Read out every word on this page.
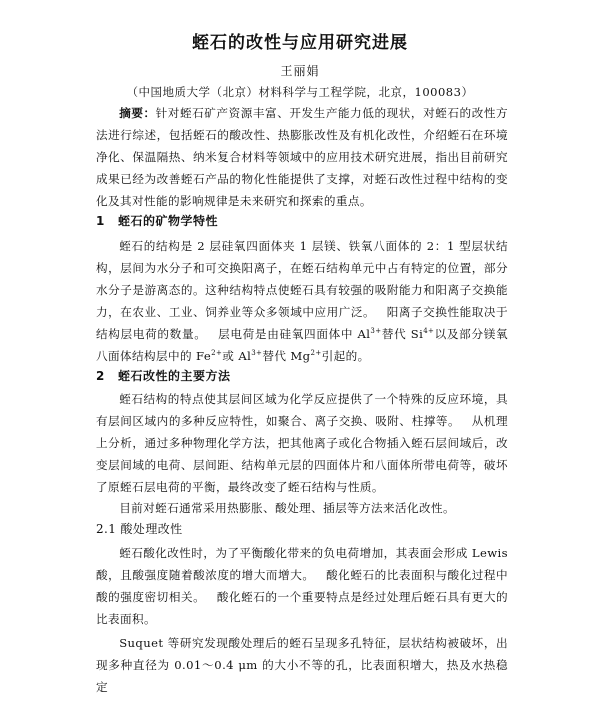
蛭石的改性与应用研究进展
王丽娟
（中国地质大学（北京）材料科学与工程学院，北京，100083）
摘要：针对蛭石矿产资源丰富、开发生产能力低的现状，对蛭石的改性方法进行综述，包括蛭石的酸改性、热膨胀改性及有机化改性，介绍蛭石在环境净化、保温隔热、纳米复合材料等领域中的应用技术研究进展，指出目前研究成果已经为改善蛭石产品的物化性能提供了支撑，对蛭石改性过程中结构的变化及其对性能的影响规律是未来研究和探索的重点。
1 蛭石的矿物学特性
蛭石的结构是 2 层硅氧四面体夹 1 层镁、铁氧八面体的 2：1 型层状结构，层间为水分子和可交换阳离子，在蛭石结构单元中占有特定的位置，部分水分子是游离态的。这种结构特点使蛭石具有较强的吸附能力和阳离子交换能力，在农业、工业、饲养业等众多领域中应用广泛。 阳离子交换性能取决于结构层电荷的数量。 层电荷是由硅氧四面体中 $Al^{3+}$替代 $Si^{4+}$以及部分镁氧八面体结构层中的 $Fe^{2+}$或 $Al^{3+}$替代 $Mg^{2+}$引起的。
2 蛭石改性的主要方法
蛭石结构的特点使其层间区域为化学反应提供了一个特殊的反应环境，具有层间区域内的多种反应特性，如聚合、离子交换、吸附、柱撑等。 从机理上分析，通过多种物理化学方法，把其他离子或化合物插入蛭石层间域后，改变层间域的电荷、层间距、结构单元层的四面体片和八面体所带电荷等，破坏了原蛭石层电荷的平衡，最终改变了蛭石结构与性质。
目前对蛭石通常采用热膨胀、酸处理、插层等方法来活化改性。
2.1 酸处理改性
蛭石酸化改性时，为了平衡酸化带来的负电荷增加，其表面会形成 Lewis 酸，且酸强度随着酸浓度的增大而增大。 酸化蛭石的比表面积与酸化过程中酸的强度密切相关。 酸化蛭石的一个重要特点是经过处理后蛭石具有更大的比表面积。
Suquet 等研究发现酸处理后的蛭石呈现多孔特征，层状结构被破坏，出现多种直径为 0.01～0.4 μm 的大小不等的孔，比表面积增大，热及水热稳定
